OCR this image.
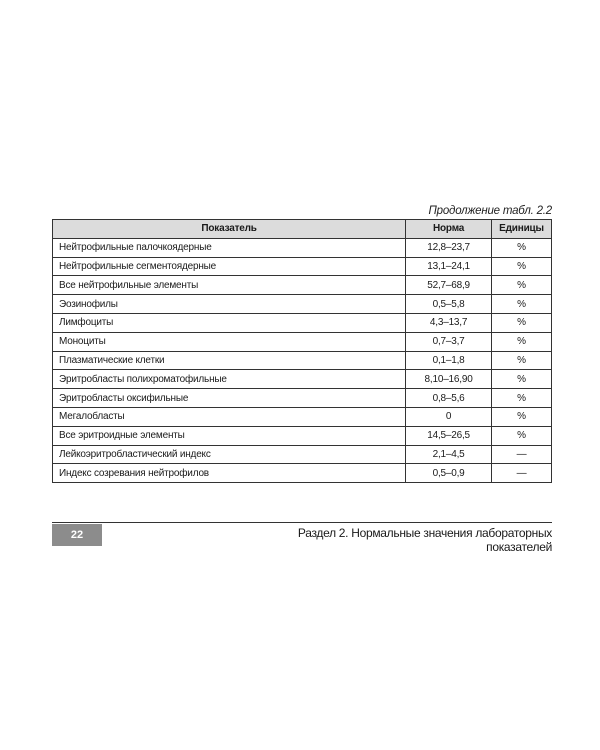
Продолжение табл. 2.2
Показатель	Норма	Единицы
Нейтрофильные палочкоядерные	12,8–23,7	%
Нейтрофильные сегментоядерные	13,1–24,1	%
Все нейтрофильные элементы	52,7–68,9	%
Эозинофилы	0,5–5,8	%
Лимфоциты	4,3–13,7	%
Моноциты	0,7–3,7	%
Плазматические клетки	0,1–1,8	%
Эритробласты полихроматофильные	8,10–16,90	%
Эритробласты оксифильные	0,8–5,6	%
Мегалобласты	0	%
Все эритроидные элементы	14,5–26,5	%
Лейкоэритробластический индекс	2,1–4,5	—
Индекс созревания нейтрофилов	0,5–0,9	—
22	Раздел 2. Нормальные значения лабораторных показателей
